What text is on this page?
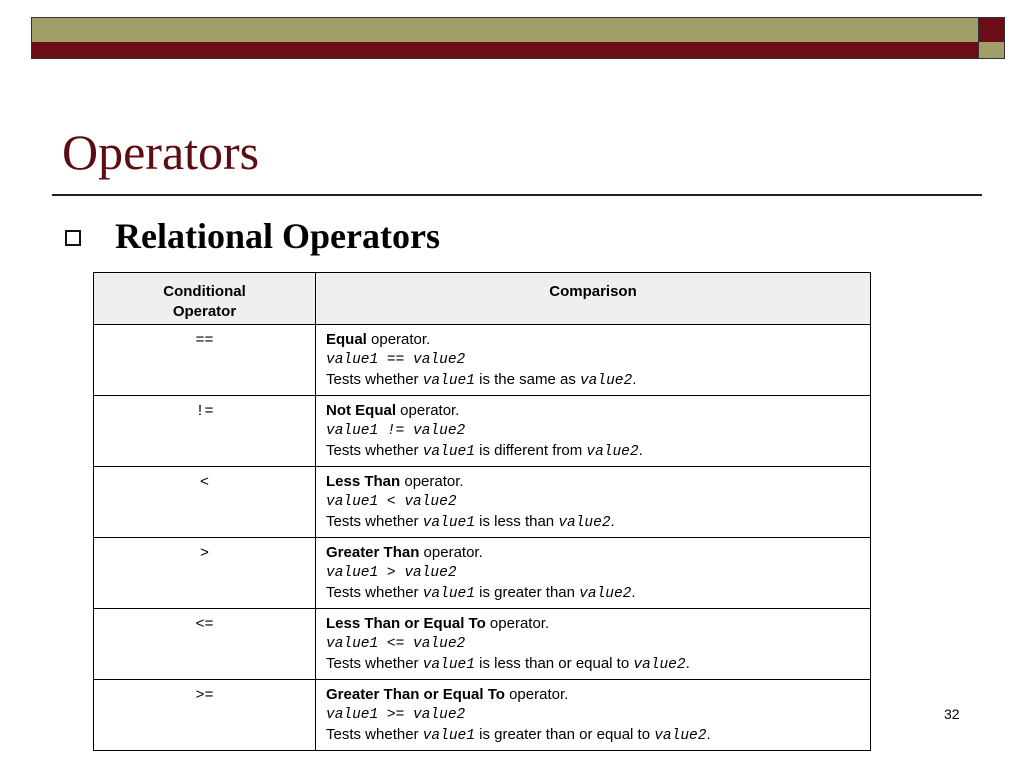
Operators
Relational Operators
Conditional
Operator	Comparison
==	Equal operator.
value1 == value2
Tests whether value1 is the same as value2.

!=	Not Equal operator.
value1 != value2
Tests whether value1 is different from value2.

<	Less Than operator.
value1 < value2
Tests whether value1 is less than value2.

>	Greater Than operator.
value1 > value2
Tests whether value1 is greater than value2.

<=	Less Than or Equal To operator.
value1 <= value2
Tests whether value1 is less than or equal to value2.

>=	Greater Than or Equal To operator.
value1 >= value2
Tests whether value1 is greater than or equal to value2.
32
